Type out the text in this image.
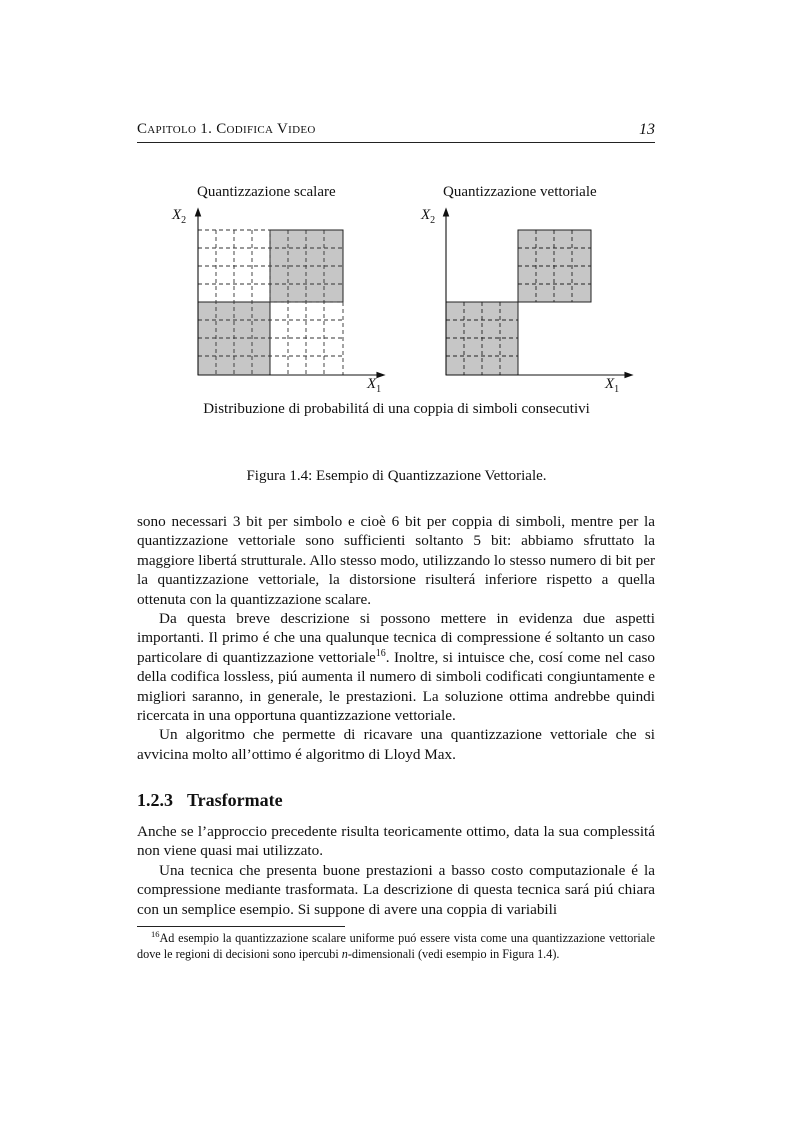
Capitolo 1. Codifica Video	13
Quantizzazione scalare	Quantizzazione vettoriale
$X_2$	$X_2$
$X_1$	$X_1$
Distribuzione di probabilitá di una coppia di simboli consecutivi
Figura 1.4: Esempio di Quantizzazione Vettoriale.

sono necessari 3 bit per simbolo e cioè 6 bit per coppia di simboli, mentre per la quantizzazione vettoriale sono sufficienti soltanto 5 bit: abbiamo sfruttato la maggiore libertá strutturale. Allo stesso modo, utilizzando lo stesso numero di bit per la quantizzazione vettoriale, la distorsione risulterá inferiore rispetto a quella ottenuta con la quantizzazione scalare.

Da questa breve descrizione si possono mettere in evidenza due aspetti importanti. Il primo é che una qualunque tecnica di compressione é soltanto un caso particolare di quantizzazione vettoriale$^{16}$. Inoltre, si intuisce che, cosí come nel caso della codifica lossless, piú aumenta il numero di simboli codificati congiuntamente e migliori saranno, in generale, le prestazioni. La soluzione ottima andrebbe quindi ricercata in una opportuna quantizzazione vettoriale.

Un algoritmo che permette di ricavare una quantizzazione vettoriale che si avvicina molto all’ottimo é algoritmo di Lloyd Max.

1.2.3 Trasformate

Anche se l’approccio precedente risulta teoricamente ottimo, data la sua complessitá non viene quasi mai utilizzato.

Una tecnica che presenta buone prestazioni a basso costo computazionale é la compressione mediante trasformata. La descrizione di questa tecnica sará piú chiara con un semplice esempio. Si suppone di avere una coppia di variabili

$^{16}$Ad esempio la quantizzazione scalare uniforme puó essere vista come una quantizzazione vettoriale dove le regioni di decisioni sono ipercubi n-dimensionali (vedi esempio in Figura 1.4).
